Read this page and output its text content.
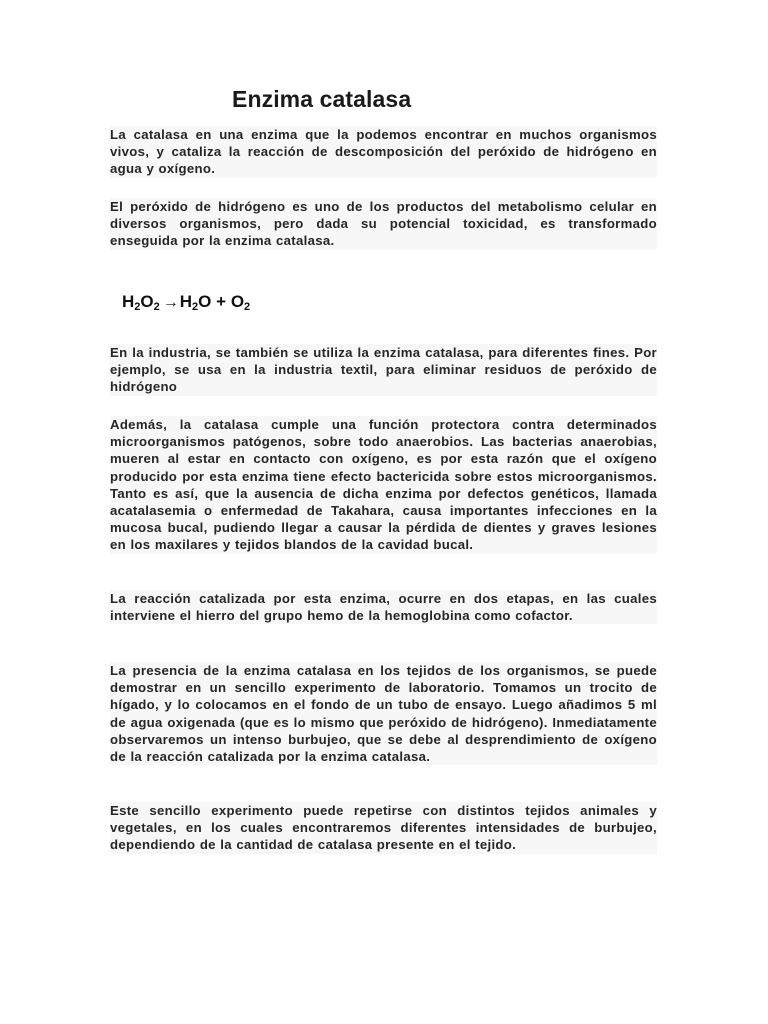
Enzima catalasa

La catalasa en una enzima que la podemos encontrar en muchos organismos vivos, y cataliza la reacción de descomposición del peróxido de hidrógeno en agua y oxígeno.

El peróxido de hidrógeno es uno de los productos del metabolismo celular en diversos organismos, pero dada su potencial toxicidad, es transformado enseguida por la enzima catalasa.

$H_2O_2 \to H_2O + O_2$

En la industria, se también se utiliza la enzima catalasa, para diferentes fines. Por ejemplo, se usa en la industria textil, para eliminar residuos de peróxido de hidrógeno

Además, la catalasa cumple una función protectora contra determinados microorganismos patógenos, sobre todo anaerobios. Las bacterias anaerobias, mueren al estar en contacto con oxígeno, es por esta razón que el oxígeno producido por esta enzima tiene efecto bactericida sobre estos microorganismos. Tanto es así, que la ausencia de dicha enzima por defectos genéticos, llamada acatalasemia o enfermedad de Takahara, causa importantes infecciones en la mucosa bucal, pudiendo llegar a causar la pérdida de dientes y graves lesiones en los maxilares y tejidos blandos de la cavidad bucal.

La reacción catalizada por esta enzima, ocurre en dos etapas, en las cuales interviene el hierro del grupo hemo de la hemoglobina como cofactor.

La presencia de la enzima catalasa en los tejidos de los organismos, se puede demostrar en un sencillo experimento de laboratorio. Tomamos un trocito de hígado, y lo colocamos en el fondo de un tubo de ensayo. Luego añadimos 5 ml de agua oxigenada (que es lo mismo que peróxido de hidrógeno). Inmediatamente observaremos un intenso burbujeo, que se debe al desprendimiento de oxígeno de la reacción catalizada por la enzima catalasa.

Este sencillo experimento puede repetirse con distintos tejidos animales y vegetales, en los cuales encontraremos diferentes intensidades de burbujeo, dependiendo de la cantidad de catalasa presente en el tejido.
